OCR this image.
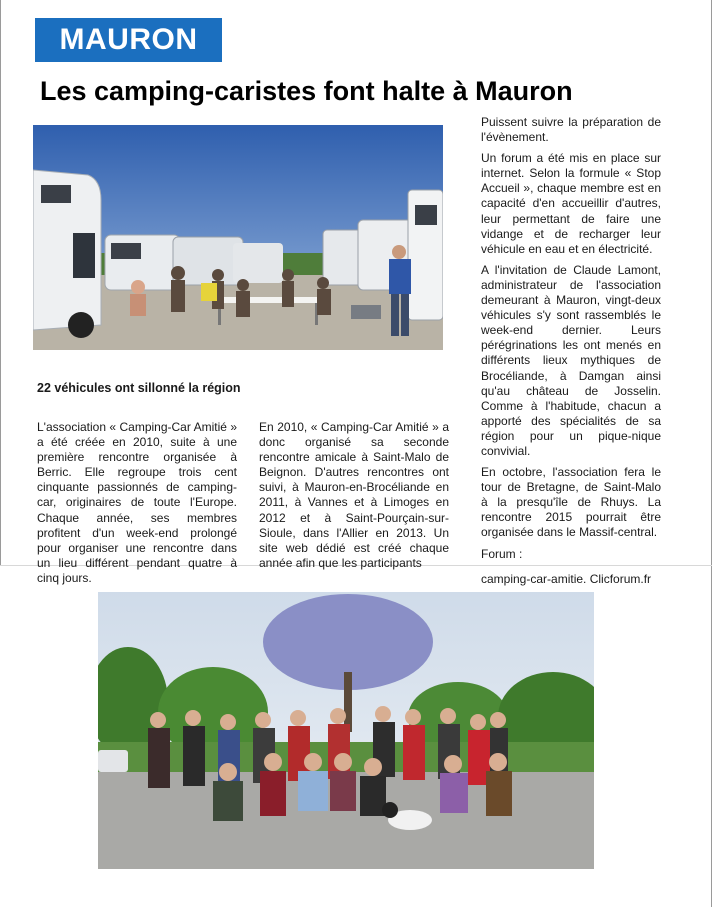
MAURON
Les camping-caristes font halte à Mauron
22 véhicules ont sillonné la région

L'association « Camping-Car Amitié » a été créée en 2010, suite à une première rencontre organisée à Berric. Elle regroupe trois cent cinquante passionnés de camping-car, originaires de toute l'Europe. Chaque année, ses membres profitent d'un week-end prolongé pour organiser une rencontre dans un lieu différent pendant quatre à cinq jours.

En 2010, « Camping-Car Amitié » a donc organisé sa seconde rencontre amicale à Saint-Malo de Beignon. D'autres rencontres ont suivi, à Mauron-en-Brocéliande en 2011, à Vannes et à Limoges en 2012 et à Saint-Pourçain-sur-Sioule, dans l'Allier en 2013. Un site web dédié est créé chaque année afin que les participants

Puissent suivre la préparation de l'évènement.

Un forum a été mis en place sur internet. Selon la formule « Stop Accueil », chaque membre est en capacité d'en accueillir d'autres, leur permettant de faire une vidange et de recharger leur véhicule en eau et en électricité.

A l'invitation de Claude Lamont, administrateur de l'association demeurant à Mauron, vingt-deux véhicules s'y sont rassemblés le week-end dernier. Leurs pérégrinations les ont menés en différents lieux mythiques de Brocéliande, à Damgan ainsi qu'au château de Josselin. Comme à l'habitude, chacun a apporté des spécialités de sa région pour un pique-nique convivial.

En octobre, l'association fera le tour de Bretagne, de Saint-Malo à la presqu'île de Rhuys. La rencontre 2015 pourrait être organisée dans le Massif-central.

Forum :

camping-car-amitie. Clicforum.fr
